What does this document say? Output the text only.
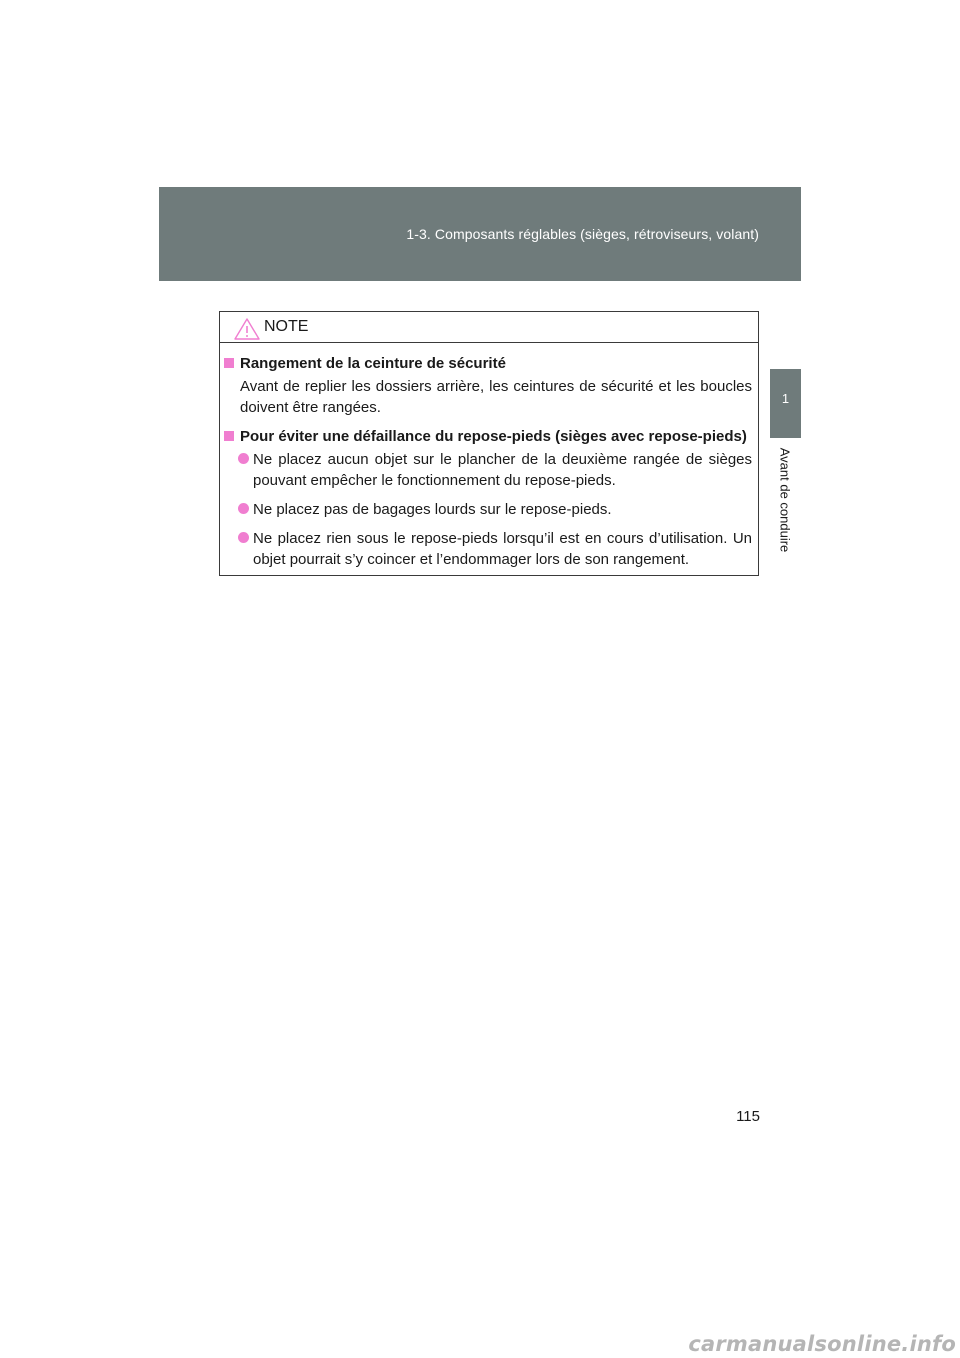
1-3. Composants réglables (sièges, rétroviseurs, volant)
1
Avant de conduire
NOTE
Rangement de la ceinture de sécurité
Avant de replier les dossiers arrière, les ceintures de sécurité et les boucles doivent être rangées.
Pour éviter une défaillance du repose-pieds (sièges avec repose-pieds)
Ne placez aucun objet sur le plancher de la deuxième rangée de sièges pouvant empêcher le fonctionnement du repose-pieds.
Ne placez pas de bagages lourds sur le repose-pieds.
Ne placez rien sous le repose-pieds lorsqu’il est en cours d’utilisation. Un objet pourrait s’y coincer et l’endommager lors de son rangement.
115
carmanualsonline.info
